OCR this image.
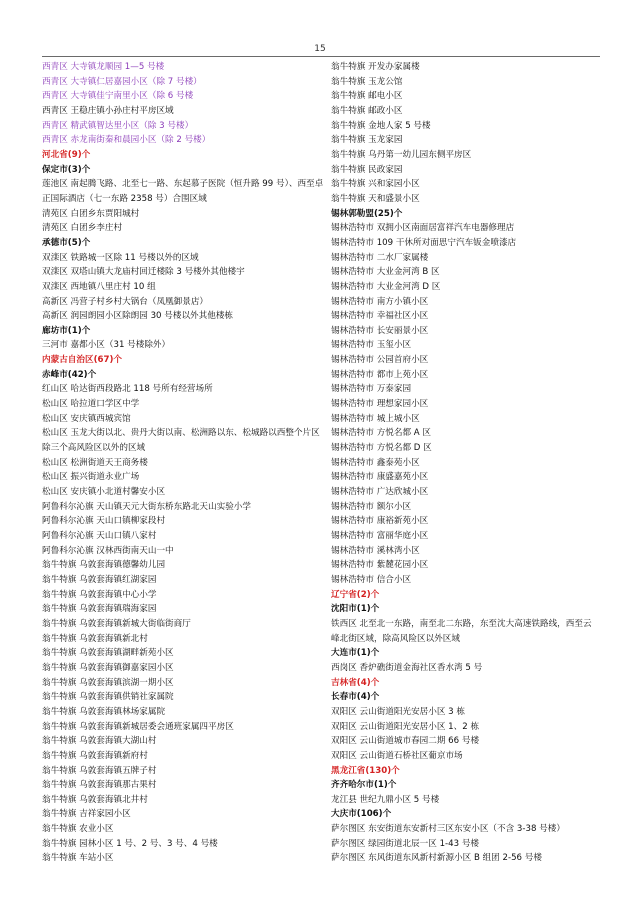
15
西青区 大寺镇龙顺园 1—5 号楼
西青区 大寺镇仁居嘉园小区（除 7 号楼）
西青区 大寺镇佳宁南里小区（除 6 号楼
西青区 王稳庄镇小孙庄村平房区域
西青区 精武镇智达里小区（除 3 号楼）
西青区 赤龙南街秦和晨园小区（除 2 号楼）
河北省(9)个
保定市(3)个
莲池区 南起腾飞路、北至七一路、东起慕子医院（恒升路 99 号）、西至卓正国际酒店（七一东路 2358 号）合围区域
清苑区 白团乡东贾阳城村
清苑区 白团乡李庄村
承德市(5)个
双滦区 铁路城一区除 11 号楼以外的区域
双滦区 双塔山镇大龙庙村回迁楼除 3 号楼外其他楼宇
双滦区 西地镇八里庄村 10 组
高新区 冯营子村乡村大锅台（凤凰御景店）
高新区 润园朗园小区除朗园 30 号楼以外其他楼栋
廊坊市(1)个
三河市 嘉都小区（31 号楼除外）
内蒙古自治区(67)个
赤峰市(42)个
红山区 哈达街西段路北 118 号所有经营场所
松山区 哈拉道口学区中学
松山区 安庆镇西城宾馆
松山区 玉龙大街以北、贵丹大街以南、松洲路以东、松城路以西整个片区除三个高风险区以外的区域
松山区 松洲街道天王商务楼
松山区 振兴街道永业广场
松山区 安庆镇小北道村馨安小区
阿鲁科尔沁旗 天山镇天元大街东桥东路北天山实验小学
阿鲁科尔沁旗 天山口镇柳家段村
阿鲁科尔沁旗 天山口镇八家村
阿鲁科尔沁旗 汉林西街南天山一中
翁牛特旗 乌敦套海镇德馨幼儿园
翁牛特旗 乌敦套海镇红湖家园
翁牛特旗 乌敦套海镇中心小学
翁牛特旗 乌敦套海镇瑞海家园
翁牛特旗 乌敦套海镇新城大街临街商厅
翁牛特旗 乌敦套海镇新北村
翁牛特旗 乌敦套海镇湖畔新苑小区
翁牛特旗 乌敦套海镇御嘉家园小区
翁牛特旗 乌敦套海镇滨湖一期小区
翁牛特旗 乌敦套海镇供销社家属院
翁牛特旗 乌敦套海镇林场家属院
翁牛特旗 乌敦套海镇新城居委会通班家属四平房区
翁牛特旗 乌敦套海镇大湖山村
翁牛特旗 乌敦套海镇新府村
翁牛特旗 乌敦套海镇五牌子村
翁牛特旗 乌敦套海镇那古果村
翁牛特旗 乌敦套海镇北井村
翁牛特旗 吉祥家园小区
翁牛特旗 农业小区
翁牛特旗 园林小区 1 号、2 号、3 号、4 号楼
翁牛特旗 车站小区
翁牛特旗 开发办家属楼
翁牛特旗 玉龙公馆
翁牛特旗 邮电小区
翁牛特旗 邮政小区
翁牛特旗 金地人家 5 号楼
翁牛特旗 玉龙家园
翁牛特旗 乌丹第一幼儿园东侧平房区
翁牛特旗 民政家园
翁牛特旗 兴和家园小区
翁牛特旗 天和盛景小区
锡林郭勒盟(25)个
锡林浩特市 双拥小区南面居富祥汽车电器修理店
锡林浩特市 109 干休所对面思宁汽车钣金喷漆店
锡林浩特市 二水厂家属楼
锡林浩特市 大业金河湾 B 区
锡林浩特市 大业金河湾 D 区
锡林浩特市 南方小镇小区
锡林浩特市 幸福社区小区
锡林浩特市 长安丽景小区
锡林浩特市 玉玺小区
锡林浩特市 公园首府小区
锡林浩特市 都市上苑小区
锡林浩特市 万泰家园
锡林浩特市 理想家园小区
锡林浩特市 城上城小区
锡林浩特市 方悦名都 A 区
锡林浩特市 方悦名都 D 区
锡林浩特市 鑫泰苑小区
锡林浩特市 康盛嘉苑小区
锡林浩特市 广达欣城小区
锡林浩特市 额尔小区
锡林浩特市 康裕新苑小区
锡林浩特市 富丽华庭小区
锡林浩特市 溪林湾小区
锡林浩特市 紫麓花园小区
锡林浩特市 信合小区
辽宁省(2)个
沈阳市(1)个
铁西区 北至北一东路，南至北二东路，东至沈大高速铁路线，西至云峰北街区域，除高风险区以外区域
大连市(1)个
西岗区 香炉礁街道金海社区香水湾 5 号
吉林省(4)个
长春市(4)个
双阳区 云山街道阳光安居小区 3 栋
双阳区 云山街道阳光安居小区 1、2 栋
双阳区 云山街道城市春园二期 66 号楼
双阳区 云山街道石桥社区葡京市场
黑龙江省(130)个
齐齐哈尔市(1)个
龙江县 世纪九鼎小区 5 号楼
大庆市(106)个
萨尔图区 东安街道东安新村三区东安小区（不含 3-38 号楼）
萨尔图区 绿园街道北辰一区 1-43 号楼
萨尔图区 东风街道东风新村新源小区 B 组团 2-56 号楼
